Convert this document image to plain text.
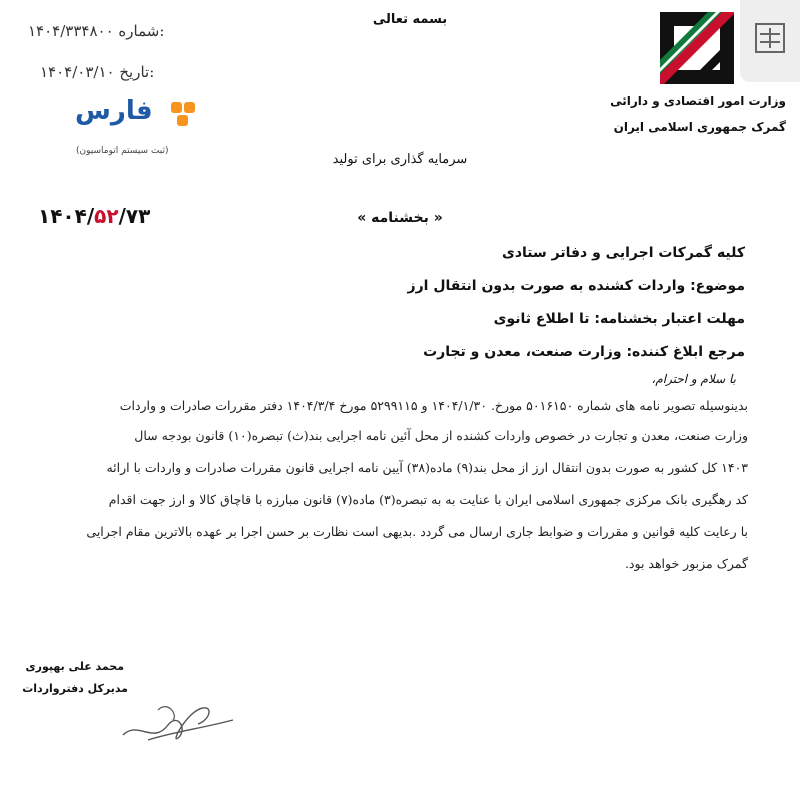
بسمه تعالی
وزارت امور اقتصادی و دارائی
گمرک جمهوری اسلامی ایران
سرمایه گذاری برای تولید
۱۴۰۴/۳۳۴۸۰۰ شماره:
۱۴۰۴/۰۳/۱۰ تاریخ:
فارس
(ثبت سیستم اتوماسیون)
« بخشنامه »
۱۴۰۴/۵۲/۷۳
کلیه گمرکات اجرایی و دفاتر ستادی
موضوع: واردات کشنده به صورت بدون انتقال ارز
مهلت اعتبار بخشنامه: تا اطلاع ثانوی
مرجع ابلاغ کننده: وزارت صنعت، معدن و تجارت
با سلام و احترام،
بدینوسیله تصویر نامه های شماره ۵۰۱۶۱۵۰ مورخ. ۱۴۰۴/۱/۳۰ و ۵۲۹۹۱۱۵ مورخ ۱۴۰۴/۳/۴ دفتر مقررات صادرات و واردات
وزارت صنعت، معدن و تجارت در خصوص واردات کشنده از محل آئین نامه اجرایی بند(ث) تبصره(۱۰) قانون بودجه سال
۱۴۰۳ کل کشور به صورت بدون انتقال ارز از محل بند(۹) ماده(۳۸) آیین نامه اجرایی قانون مقررات صادرات و واردات با ارائه
کد رهگیری بانک مرکزی جمهوری اسلامی ایران با عنایت به به تبصره(۳) ماده(۷) قانون مبارزه با قاچاق کالا و ارز جهت اقدام
با رعایت کلیه قوانین و مقررات و ضوابط جاری ارسال می گردد .بدیهی است نظارت بر حسن اجرا بر عهده بالاترین مقام اجرایی
گمرک مزبور خواهد بود.
محمد علی بهپوری
مدیرکل دفترواردات
